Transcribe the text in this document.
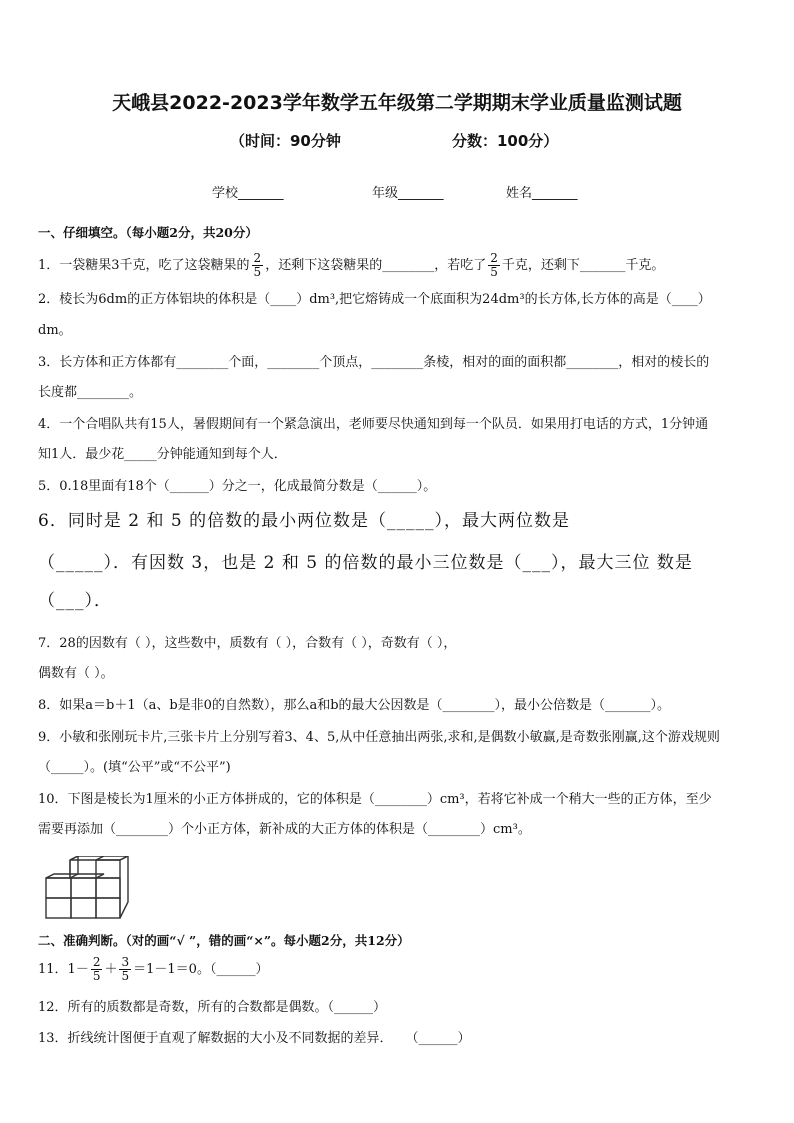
天峨县2022-2023学年数学五年级第二学期期末学业质量监测试题
（时间：90分钟	分数：100分）
学校_______	年级_______	姓名_______
一、仔细填空。（每小题2分，共20分）
1．一袋糖果3千克，吃了这袋糖果的 $\frac{2}{5}$ ，还剩下这袋糖果的________，若吃了 $\frac{2}{5}$ 千克，还剩下_______千克。
2．棱长为6dm的正方体铝块的体积是（____）dm³,把它熔铸成一个底面积为24dm³的长方体,长方体的高是（____）
dm。
3．长方体和正方体都有________个面，________个顶点，________条棱，相对的面的面积都________，相对的棱长的
长度都________。
4．一个合唱队共有15人，暑假期间有一个紧急演出，老师要尽快通知到每一个队员．如果用打电话的方式，1分钟通
知1人．最少花_____分钟能通知到每个人．
5．0.18里面有18个（______）分之一，化成最简分数是（______）。
6．同时是 2 和 5 的倍数的最小两位数是（_____），最大两位数是
（_____）．有因数 3，也是 2 和 5 的倍数的最小三位数是（___），最大三位 数是
（___）．
7．28的因数有（ ），这些数中，质数有（ ），合数有（ ），奇数有（ ），
偶数有（ ）。
8．如果a＝b＋1（a、b是非0的自然数），那么a和b的最大公因数是（________），最小公倍数是（_______）。
9．小敏和张刚玩卡片,三张卡片上分别写着3、4、5,从中任意抽出两张,求和,是偶数小敏赢,是奇数张刚赢,这个游戏规则
（_____）。(填“公平”或“不公平”)
10．下图是棱长为1厘米的小正方体拼成的，它的体积是（________）cm³，若将它补成一个稍大一些的正方体，至少
需要再添加（________）个小正方体，新补成的大正方体的体积是（________）cm³。
二、准确判断。（对的画“√ ”，错的画“×”。每小题2分，共12分）
11．$1- \frac{2}{5} + \frac{3}{5} =1-1=0$。（______）
12．所有的质数都是奇数，所有的合数都是偶数。（______）
13．折线统计图便于直观了解数据的大小及不同数据的差异．　　（______）
